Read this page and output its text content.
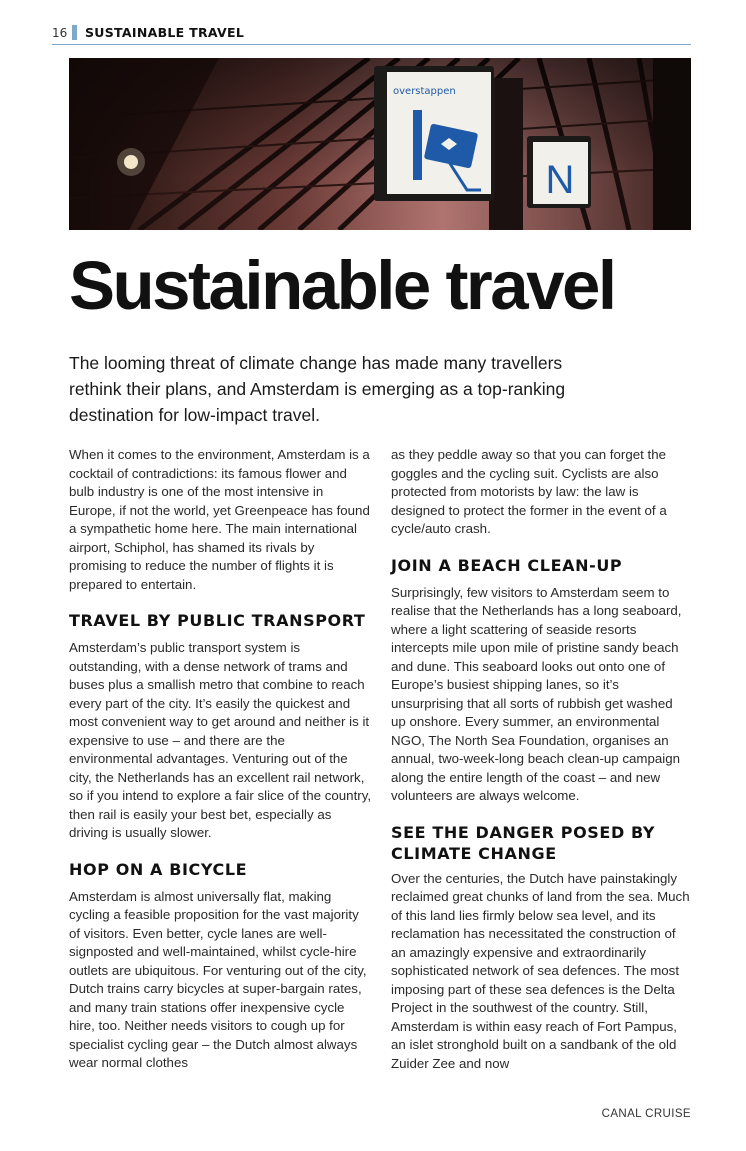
16	SUSTAINABLE TRAVEL
overstappen
N
Sustainable travel

The looming threat of climate change has made many travellers rethink their plans, and Amsterdam is emerging as a top-ranking destination for low-impact travel.

When it comes to the environment, Amsterdam is a cocktail of contradictions: its famous flower and bulb industry is one of the most intensive in Europe, if not the world, yet Greenpeace has found a sympathetic home here. The main international airport, Schiphol, has shamed its rivals by promising to reduce the number of flights it is prepared to entertain.

TRAVEL BY PUBLIC TRANSPORT

Amsterdam’s public transport system is outstanding, with a dense network of trams and buses plus a smallish metro that combine to reach every part of the city. It’s easily the quickest and most convenient way to get around and neither is it expensive to use – and there are the environmental advantages. Venturing out of the city, the Netherlands has an excellent rail network, so if you intend to explore a fair slice of the country, then rail is easily your best bet, especially as driving is usually slower.

HOP ON A BICYCLE

Amsterdam is almost universally flat, making cycling a feasible proposition for the vast majority of visitors. Even better, cycle lanes are well-signposted and well-maintained, whilst cycle-hire outlets are ubiquitous. For venturing out of the city, Dutch trains carry bicycles at super-bargain rates, and many train stations offer inexpensive cycle hire, too. Neither needs visitors to cough up for specialist cycling gear – the Dutch almost always wear normal clothes

as they peddle away so that you can forget the goggles and the cycling suit. Cyclists are also protected from motorists by law: the law is designed to protect the former in the event of a cycle/auto crash.

JOIN A BEACH CLEAN-UP

Surprisingly, few visitors to Amsterdam seem to realise that the Netherlands has a long seaboard, where a light scattering of seaside resorts intercepts mile upon mile of pristine sandy beach and dune. This seaboard looks out onto one of Europe’s busiest shipping lanes, so it’s unsurprising that all sorts of rubbish get washed up onshore. Every summer, an environmental NGO, The North Sea Foundation, organises an annual, two-week-long beach clean-up campaign along the entire length of the coast – and new volunteers are always welcome.

SEE THE DANGER POSED BY CLIMATE CHANGE

Over the centuries, the Dutch have painstakingly reclaimed great chunks of land from the sea. Much of this land lies firmly below sea level, and its reclamation has necessitated the construction of an amazingly expensive and extraordinarily sophisticated network of sea defences. The most imposing part of these sea defences is the Delta Project in the southwest of the country. Still, Amsterdam is within easy reach of Fort Pampus, an islet stronghold built on a sandbank of the old Zuider Zee and now

CANAL CRUISE
